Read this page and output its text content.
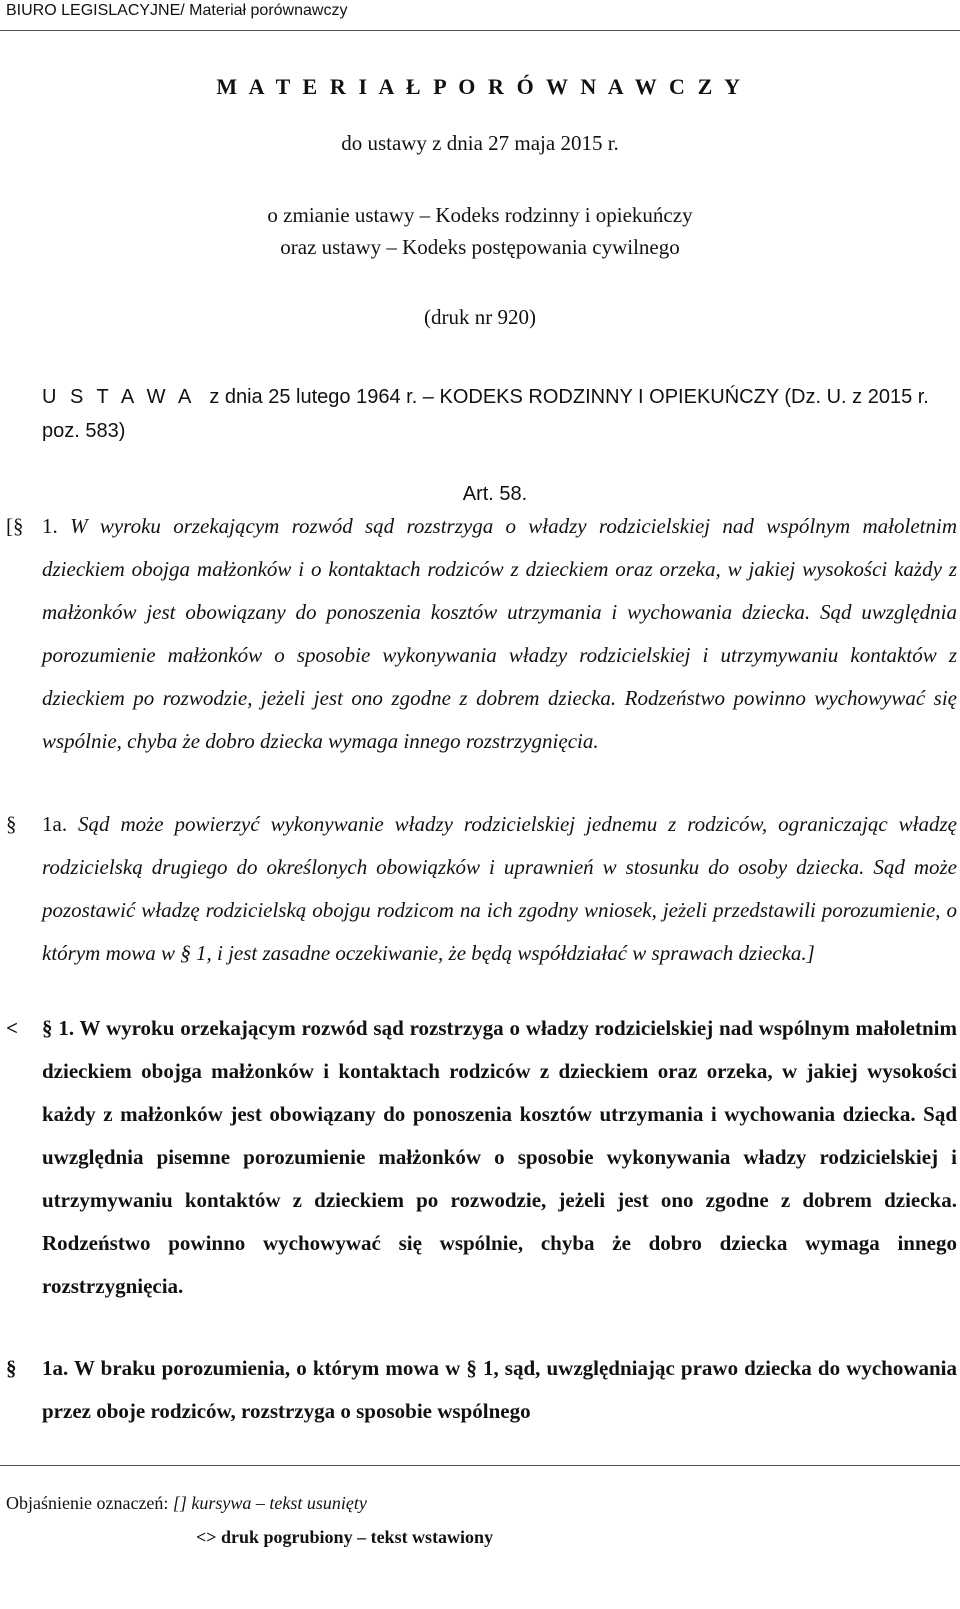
BIURO LEGISLACYJNE/ Materiał porównawczy
M A T E R I A Ł P O R Ó W N A W C Z Y
do ustawy z dnia 27 maja 2015 r.
o zmianie ustawy – Kodeks rodzinny i opiekuńczy
oraz ustawy – Kodeks postępowania cywilnego
(druk nr 920)
U S T A W A z dnia 25 lutego 1964 r. – KODEKS RODZINNY I OPIEKUŃCZY (Dz. U. z 2015 r. poz. 583)
Art. 58.
[§ 1. W wyroku orzekającym rozwód sąd rozstrzyga o władzy rodzicielskiej nad wspólnym małoletnim dzieckiem obojga małżonków i o kontaktach rodziców z dzieckiem oraz orzeka, w jakiej wysokości każdy z małżonków jest obowiązany do ponoszenia kosztów utrzymania i wychowania dziecka. Sąd uwzględnia porozumienie małżonków o sposobie wykonywania władzy rodzicielskiej i utrzymywaniu kontaktów z dzieckiem po rozwodzie, jeżeli jest ono zgodne z dobrem dziecka. Rodzeństwo powinno wychowywać się wspólnie, chyba że dobro dziecka wymaga innego rozstrzygnięcia.
§ 1a. Sąd może powierzyć wykonywanie władzy rodzicielskiej jednemu z rodziców, ograniczając władzę rodzicielską drugiego do określonych obowiązków i uprawnień w stosunku do osoby dziecka. Sąd może pozostawić władzę rodzicielską obojgu rodzicom na ich zgodny wniosek, jeżeli przedstawili porozumienie, o którym mowa w § 1, i jest zasadne oczekiwanie, że będą współdziałać w sprawach dziecka.]
< § 1. W wyroku orzekającym rozwód sąd rozstrzyga o władzy rodzicielskiej nad wspólnym małoletnim dzieckiem obojga małżonków i kontaktach rodziców z dzieckiem oraz orzeka, w jakiej wysokości każdy z małżonków jest obowiązany do ponoszenia kosztów utrzymania i wychowania dziecka. Sąd uwzględnia pisemne porozumienie małżonków o sposobie wykonywania władzy rodzicielskiej i utrzymywaniu kontaktów z dzieckiem po rozwodzie, jeżeli jest ono zgodne z dobrem dziecka. Rodzeństwo powinno wychowywać się wspólnie, chyba że dobro dziecka wymaga innego rozstrzygnięcia.
§ 1a. W braku porozumienia, o którym mowa w § 1, sąd, uwzględniając prawo dziecka do wychowania przez oboje rodziców, rozstrzyga o sposobie wspólnego
Objaśnienie oznaczeń: [] kursywa – tekst usunięty
<> druk pogrubiony – tekst wstawiony
